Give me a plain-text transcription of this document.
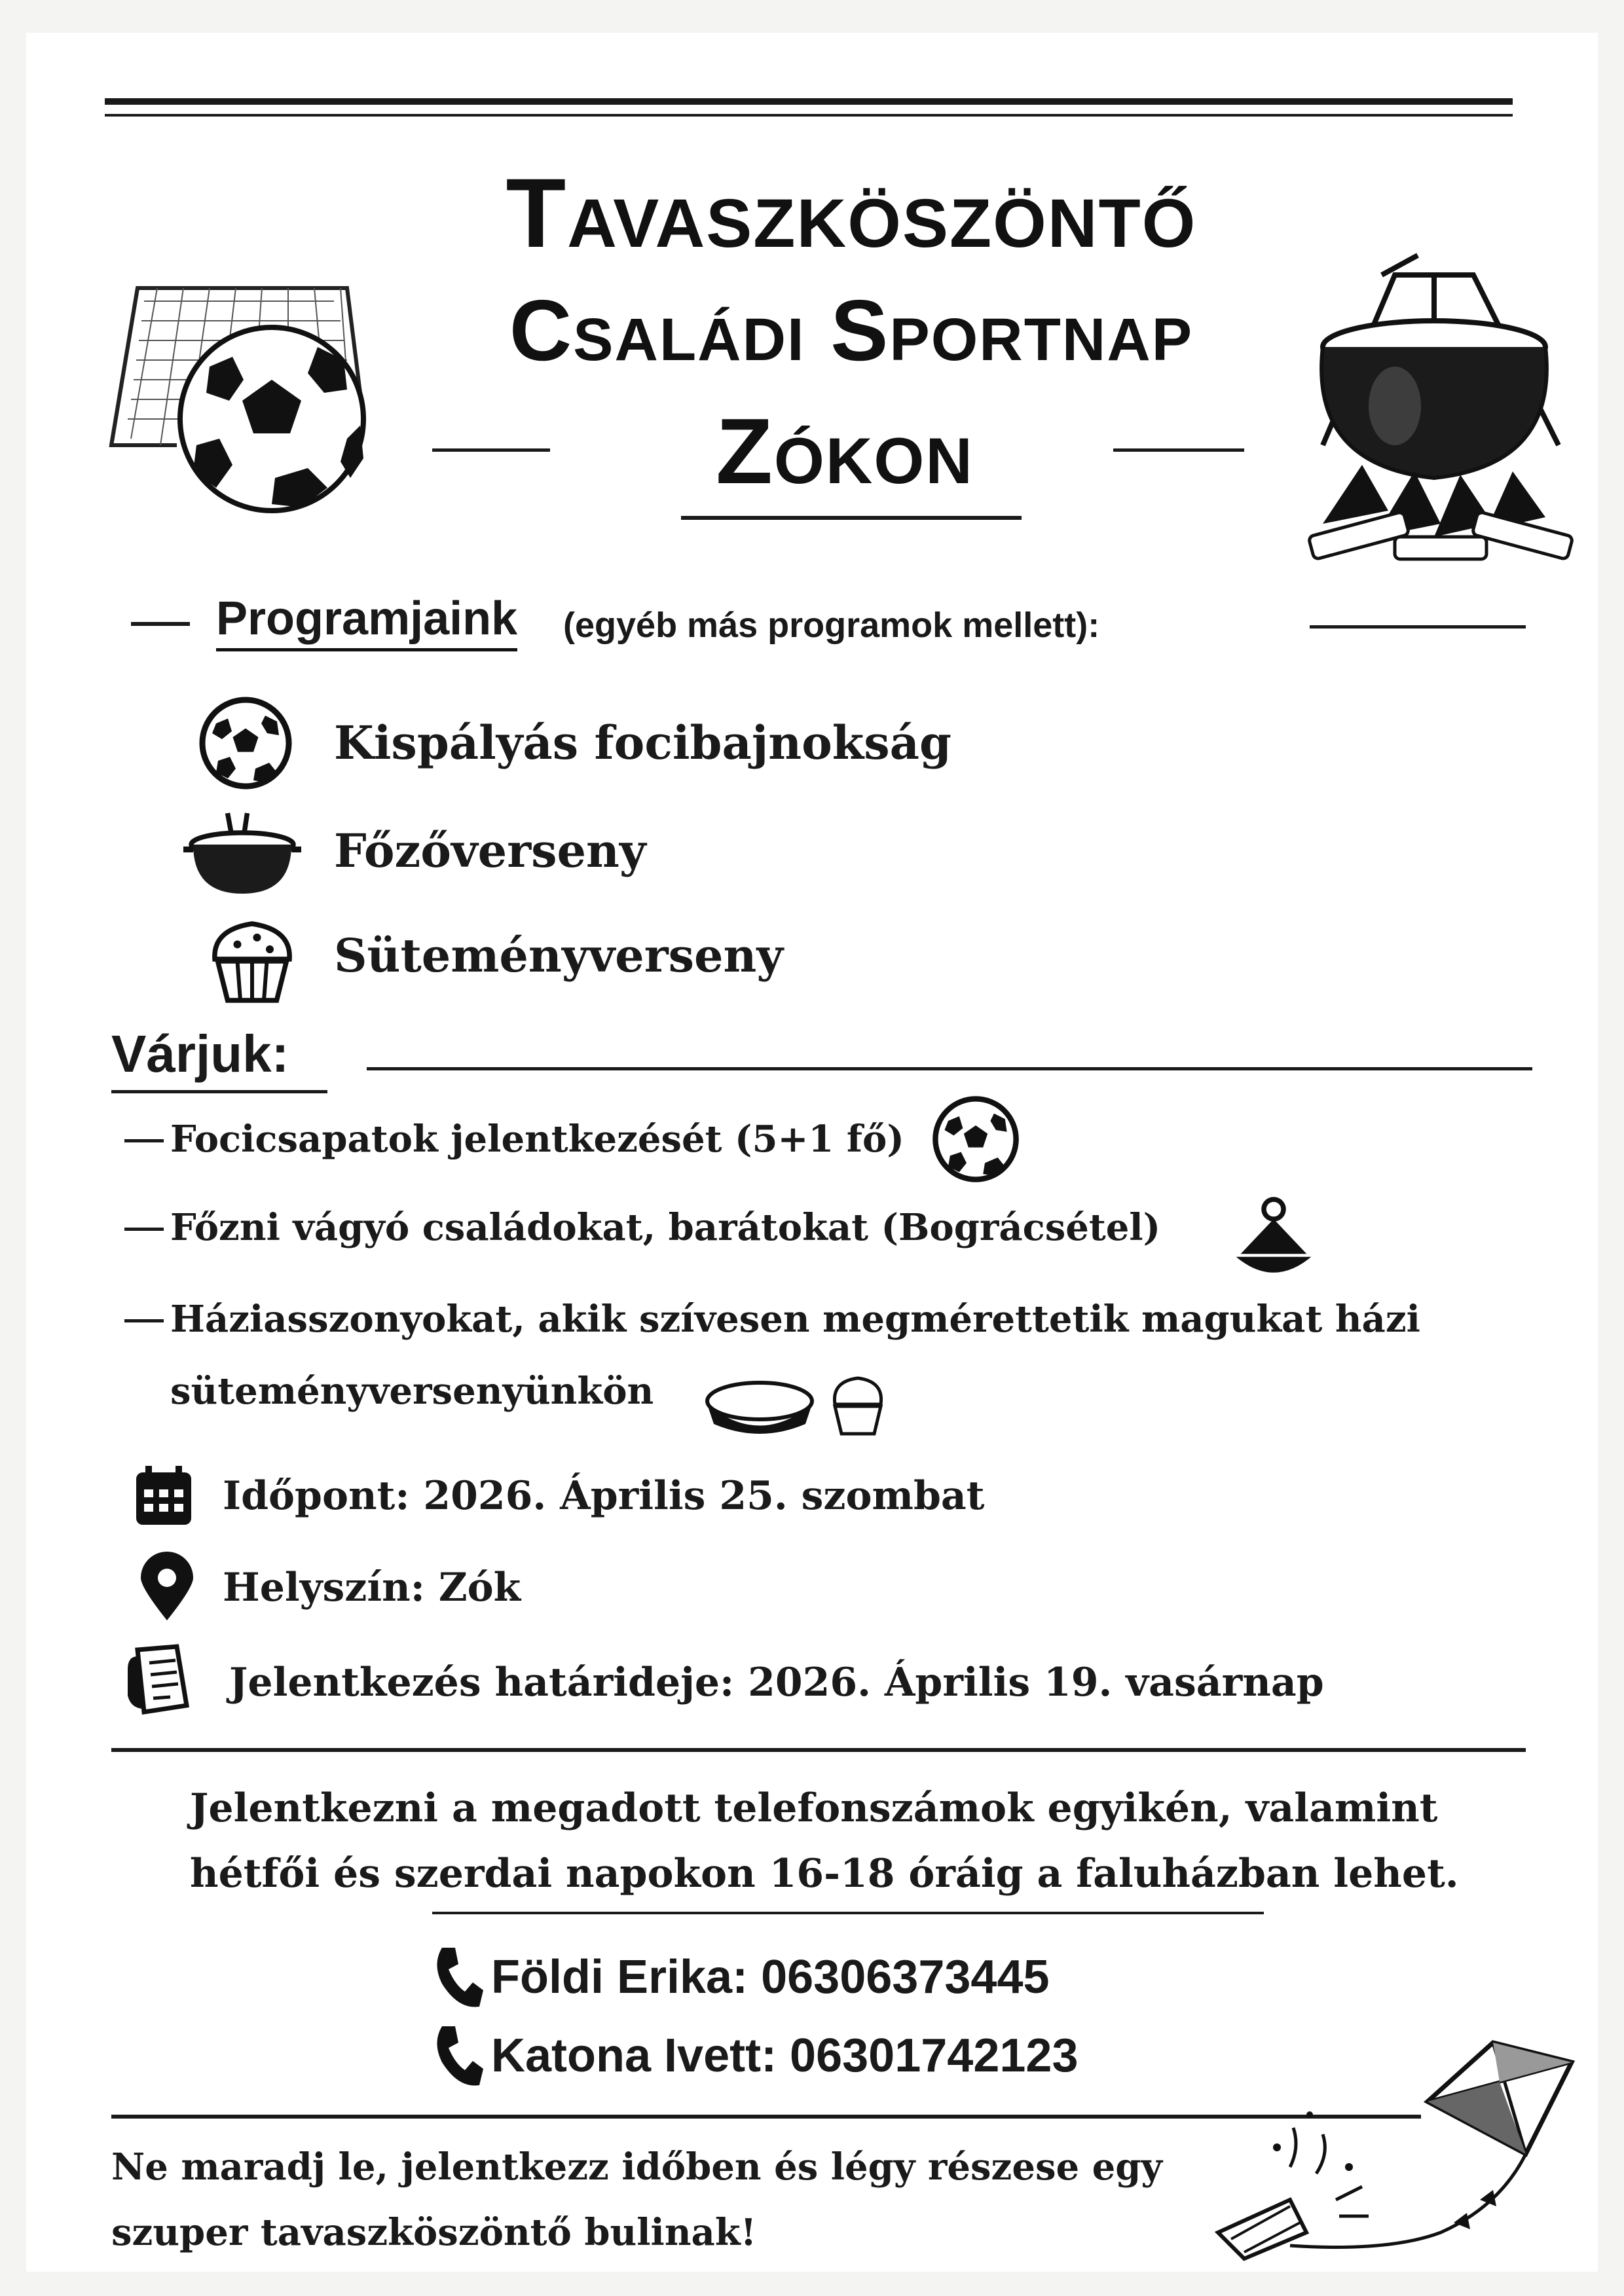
Tavaszköszöntő
Családi Sportnap
Zókon
Programjaink (egyéb más programok mellett):
Kispályás focibajnokság
Főzőverseny
Süteményverseny
Várjuk:
Focicsapatok jelentkezését (5+1 fő)
Főzni vágyó családokat, barátokat (Bográcsétel)
Háziasszonyokat, akik szívesen megmérettetik magukat házi
süteményversenyünkön
Időpont: 2026. Április 25. szombat
Helyszín: Zók
Jelentkezés határideje: 2026. Április 19. vasárnap
Jelentkezni a megadott telefonszámok egyikén, valamint
hétfői és szerdai napokon 16-18 óráig a faluházban lehet.
Földi Erika: 06306373445
Katona Ivett: 06301742123
Ne maradj le, jelentkezz időben és légy részese egy
szuper tavaszköszöntő bulinak!
